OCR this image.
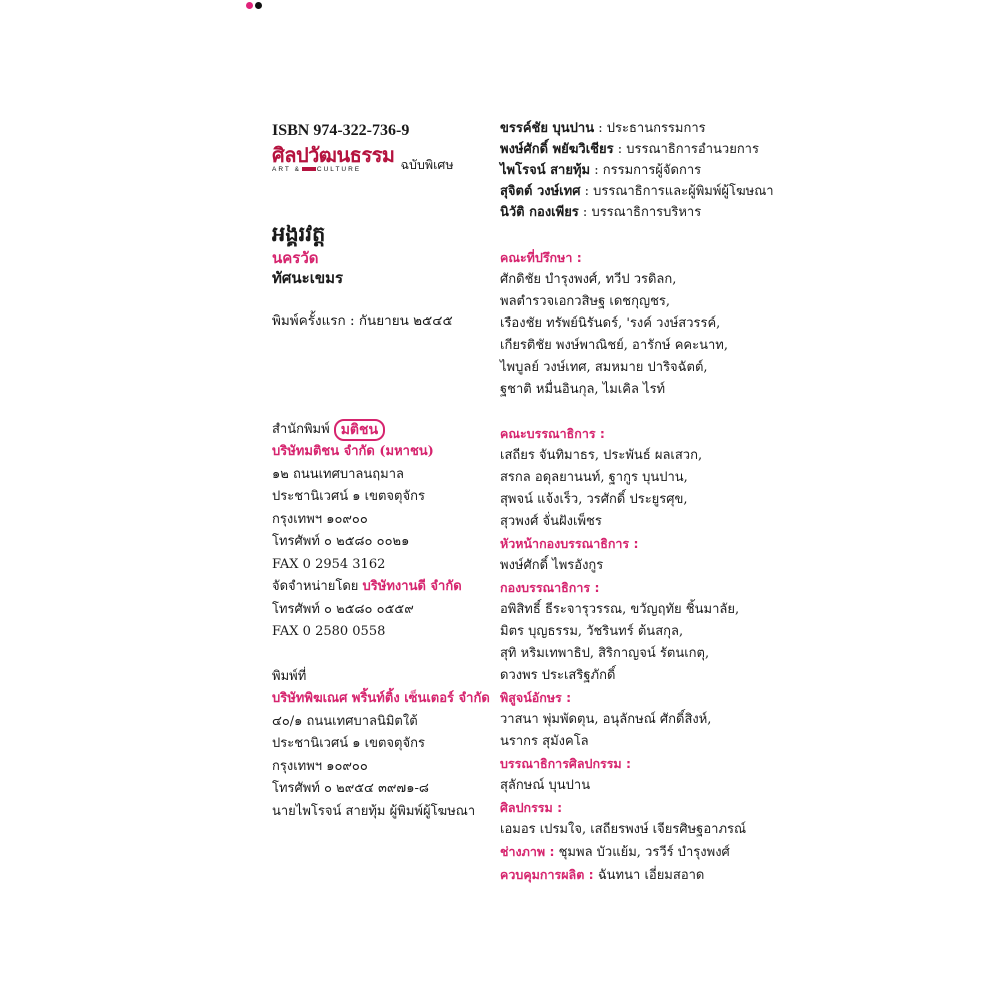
ISBN 974-322-736-9
ศิลปวัฒนธรรม
ART & CULTURE	ฉบับพิเศษ
អង្គរវត្ត
นครวัด
ทัศนะเขมร
พิมพ์ครั้งแรก : กันยายน ๒๕๔๕
สำนักพิมพ์ มติชน
บริษัทมติชน จำกัด (มหาชน)
๑๒ ถนนเทศบาลนฤมาล
ประชานิเวศน์ ๑ เขตจตุจักร
กรุงเทพฯ ๑๐๙๐๐
โทรศัพท์ ๐ ๒๕๘๐ ๐๐๒๑
FAX 0 2954 3162
จัดจำหน่ายโดย บริษัทงานดี จำกัด
โทรศัพท์ ๐ ๒๕๘๐ ๐๕๕๙
FAX 0 2580 0558
พิมพ์ที่
บริษัทพิฆเณศ พริ้นท์ติ้ง เซ็นเตอร์ จำกัด
๔๐/๑ ถนนเทศบาลนิมิตใต้
ประชานิเวศน์ ๑ เขตจตุจักร
กรุงเทพฯ ๑๐๙๐๐
โทรศัพท์ ๐ ๒๙๕๔ ๓๙๗๑-๘
นายไพโรจน์ สายทุ้ม ผู้พิมพ์ผู้โฆษณา
ขรรค์ชัย บุนปาน : ประธานกรรมการ
พงษ์ศักดิ์ พยัฆวิเชียร : บรรณาธิการอำนวยการ
ไพโรจน์ สายทุ้ม : กรรมการผู้จัดการ
สุจิตต์ วงษ์เทศ : บรรณาธิการและผู้พิมพ์ผู้โฆษณา
นิวัติ กองเพียร : บรรณาธิการบริหาร
คณะที่ปรึกษา :
ศักดิชัย บำรุงพงศ์, ทวีป วรดิลก,
พลตำรวจเอกวสิษฐ เดชกุญชร,
เรืองชัย ทรัพย์นิรันดร์, 'รงค์ วงษ์สวรรค์,
เกียรติชัย พงษ์พาณิชย์, อารักษ์ คคะนาท,
ไพบูลย์ วงษ์เทศ, สมหมาย ปาริจฉัตต์,
ฐชาติ หมื่นอินกุล, ไมเคิล ไรท์
คณะบรรณาธิการ :
เสถียร จันทิมาธร, ประพันธ์ ผลเสวก,
สรกล อดุลยานนท์, ฐากูร บุนปาน,
สุพจน์ แจ้งเร็ว, วรศักดิ์ ประยูรศุข,
สุวพงศ์ จั่นฝังเพ็ชร
หัวหน้ากองบรรณาธิการ :
พงษ์ศักดิ์ ไพรอังกูร
กองบรรณาธิการ :
อพิสิทธิ์ ธีระจารุวรรณ, ขวัญฤทัย ชิ้นมาลัย,
มิตร บุญธรรม, วัชรินทร์ ต้นสกุล,
สุทิ หริมเทพาธิป, สิริกาญจน์ รัตนเกตุ,
ดวงพร ประเสริฐภักดิ์
พิสูจน์อักษร :
วาสนา พุ่มพัดตุน, อนุลักษณ์ ศักดิ์สิงห์,
นรากร สุมังคโล
บรรณาธิการศิลปกรรม :
สุลักษณ์ บุนปาน
ศิลปกรรม :
เอมอร เปรมใจ, เสถียรพงษ์ เจียรศิษฐอาภรณ์
ช่างภาพ : ชุมพล บัวแย้ม, วรวีร์ บำรุงพงศ์
ควบคุมการผลิต : ฉันทนา เอี่ยมสอาด
